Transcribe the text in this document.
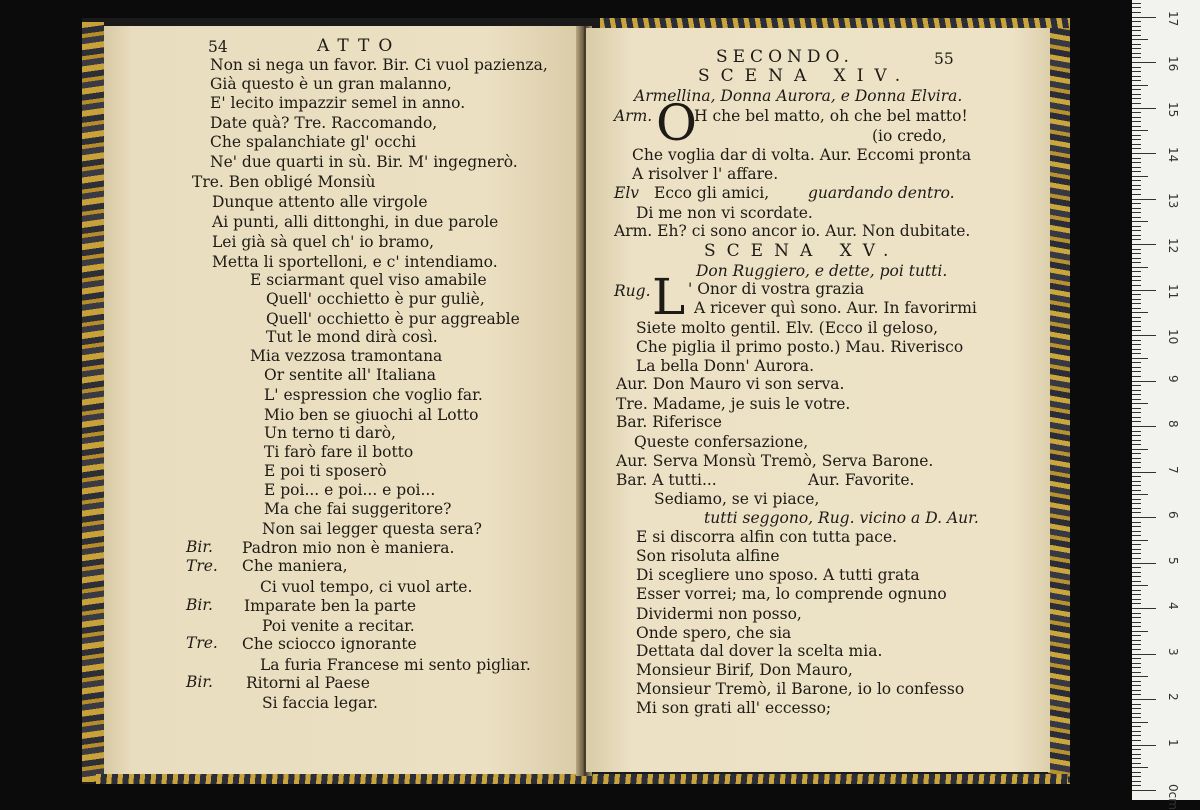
54	ATTO
Non si nega un favor. Bir. Ci vuol pazienza,
Già questo è un gran malanno,
E' lecito impazzir semel in anno.
Date quà? Tre. Raccomando,
Che spalanchiate gl' occhi
Ne' due quarti in sù. Bir. M' ingegnerò.
Tre. Ben obligé Monsiù
Dunque attento alle virgole
Ai punti, alli dittonghi, in due parole
Lei già sà quel ch' io bramo,
Metta li sportelloni, e c' intendiamo.
E sciarmant quel viso amabile
Quell' occhietto è pur guliè,
Quell' occhietto è pur aggreable
Tut le mond dirà così.
Mia vezzosa tramontana
Or sentite all' Italiana
L' espression che voglio far.
Mio ben se giuochi al Lotto
Un terno ti darò,
Ti farò fare il botto
E poi ti sposerò
E poi... e poi... e poi...
Ma che fai suggeritore?
Non sai legger questa sera?
Bir. Padron mio non è maniera.
Tre. Che maniera,
Ci vuol tempo, ci vuol arte.
Bir. Imparate ben la parte
Poi venite a recitar.
Tre. Che sciocco ignorante
La furia Francese mi sento pigliar.
Bir. Ritorni al Paese
Si faccia legar.
SECONDO.	55
SCENA XIV.
Armellina, Donna Aurora, e Donna Elvira.
Arm. O
H che bel matto, oh che bel matto!
(io credo,
Che voglia dar di volta. Aur. Eccomi pronta
A risolver l' affare.
Elv Ecco gli amici,	guardando dentro.
Di me non vi scordate.
Arm. Eh? ci sono ancor io. Aur. Non dubitate.
SCENA XV.
Don Ruggiero, e dette, poi tutti.
Rug. L ' Onor di vostra grazia
A ricever quì sono. Aur. In favorirmi
Siete molto gentil. Elv. (Ecco il geloso,
Che piglia il primo posto.) Mau. Riverisco
La bella Donn' Aurora.
Aur. Don Mauro vi son serva.
Tre. Madame, je suis le votre.
Bar. Riferisce
Queste confersazione,
Aur. Serva Monsù Tremò, Serva Barone.
Bar. A tutti...	Aur. Favorite.
Sediamo, se vi piace,
tutti seggono, Rug. vicino a D. Aur.
E si discorra alfin con tutta pace.
Son risoluta alfine
Di scegliere uno sposo. A tutti grata
Esser vorrei; ma, lo comprende ognuno
Dividermi non posso,
Onde spero, che sia
Dettata dal dover la scelta mia.
Monsieur Birif, Don Mauro,
Monsieur Tremò, il Barone, io lo confesso
Mi son grati all' eccesso;
0cm
1
2
3
4
5
6
7
8
9
10
11
12
13
14
15
16
17
